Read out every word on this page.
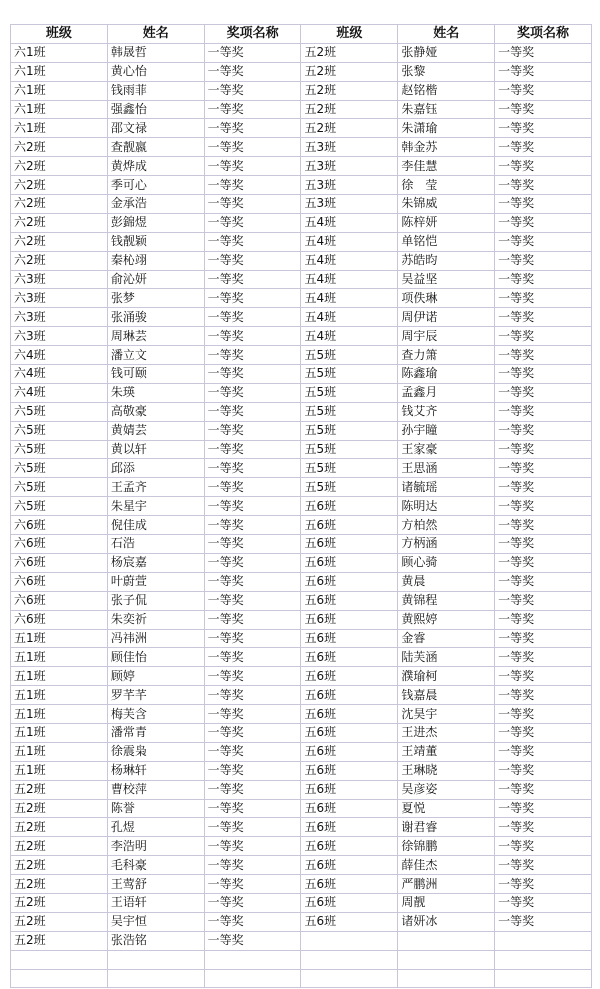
班级	姓名	奖项名称	班级	姓名	奖项名称
六1班	韩晟哲	一等奖	五2班	张静娅	一等奖
六1班	黄心怡	一等奖	五2班	张黎	一等奖
六1班	钱雨菲	一等奖	五2班	赵铭楷	一等奖
六1班	强鑫怡	一等奖	五2班	朱嘉钰	一等奖
六1班	邵文禄	一等奖	五2班	朱潇瑜	一等奖
六2班	查靓嬴	一等奖	五3班	韩金苏	一等奖
六2班	黄烨成	一等奖	五3班	李佳慧	一等奖
六2班	季可心	一等奖	五3班	徐　莹	一等奖
六2班	金承浩	一等奖	五3班	朱锦威	一等奖
六2班	彭錦煜	一等奖	五4班	陈梓妍	一等奖
六2班	钱靓颖	一等奖	五4班	单铭恺	一等奖
六2班	秦杺翊	一等奖	五4班	苏皓昀	一等奖
六3班	俞沁妍	一等奖	五4班	吴益坚	一等奖
六3班	张梦	一等奖	五4班	项佚琳	一等奖
六3班	张涌骏	一等奖	五4班	周伊诺	一等奖
六3班	周琳芸	一等奖	五4班	周宇辰	一等奖
六4班	潘立文	一等奖	五5班	查力箫	一等奖
六4班	钱可颐	一等奖	五5班	陈鑫瑜	一等奖
六4班	朱瑛	一等奖	五5班	孟鑫月	一等奖
六5班	高敬豪	一等奖	五5班	钱艾齐	一等奖
六5班	黄婧芸	一等奖	五5班	孙宇瞳	一等奖
六5班	黄以轩	一等奖	五5班	王家豪	一等奖
六5班	邱添	一等奖	五5班	王思涵	一等奖
六5班	王孟齐	一等奖	五5班	诸毓瑶	一等奖
六5班	朱星宇	一等奖	五6班	陈明达	一等奖
六6班	倪佳成	一等奖	五6班	方柏然	一等奖
六6班	石浩	一等奖	五6班	方柄涵	一等奖
六6班	杨宸嘉	一等奖	五6班	顾心骑	一等奖
六6班	叶蔚萱	一等奖	五6班	黄晨	一等奖
六6班	张子侃	一等奖	五6班	黄锦程	一等奖
六6班	朱奕祈	一等奖	五6班	黄熙婷	一等奖
五1班	冯祎洲	一等奖	五6班	金睿	一等奖
五1班	顾佳怡	一等奖	五6班	陆芙涵	一等奖
五1班	顾婷	一等奖	五6班	濮瑜柯	一等奖
五1班	罗芊芊	一等奖	五6班	钱嘉晨	一等奖
五1班	梅芙含	一等奖	五6班	沈昊宇	一等奖
五1班	潘常青	一等奖	五6班	王进杰	一等奖
五1班	徐震枭	一等奖	五6班	王靖董	一等奖
五1班	杨琳轩	一等奖	五6班	王琳晓	一等奖
五2班	曹校萍	一等奖	五6班	吴彦姿	一等奖
五2班	陈誉	一等奖	五6班	夏悦	一等奖
五2班	孔煜	一等奖	五6班	谢君睿	一等奖
五2班	李浩明	一等奖	五6班	徐锦鹏	一等奖
五2班	毛科豪	一等奖	五6班	薛佳杰	一等奖
五2班	王莺舒	一等奖	五6班	严鹏洲	一等奖
五2班	王语轩	一等奖	五6班	周靓	一等奖
五2班	吴宇恒	一等奖	五6班	诸妍冰	一等奖
五2班	张浩铭	一等奖			
